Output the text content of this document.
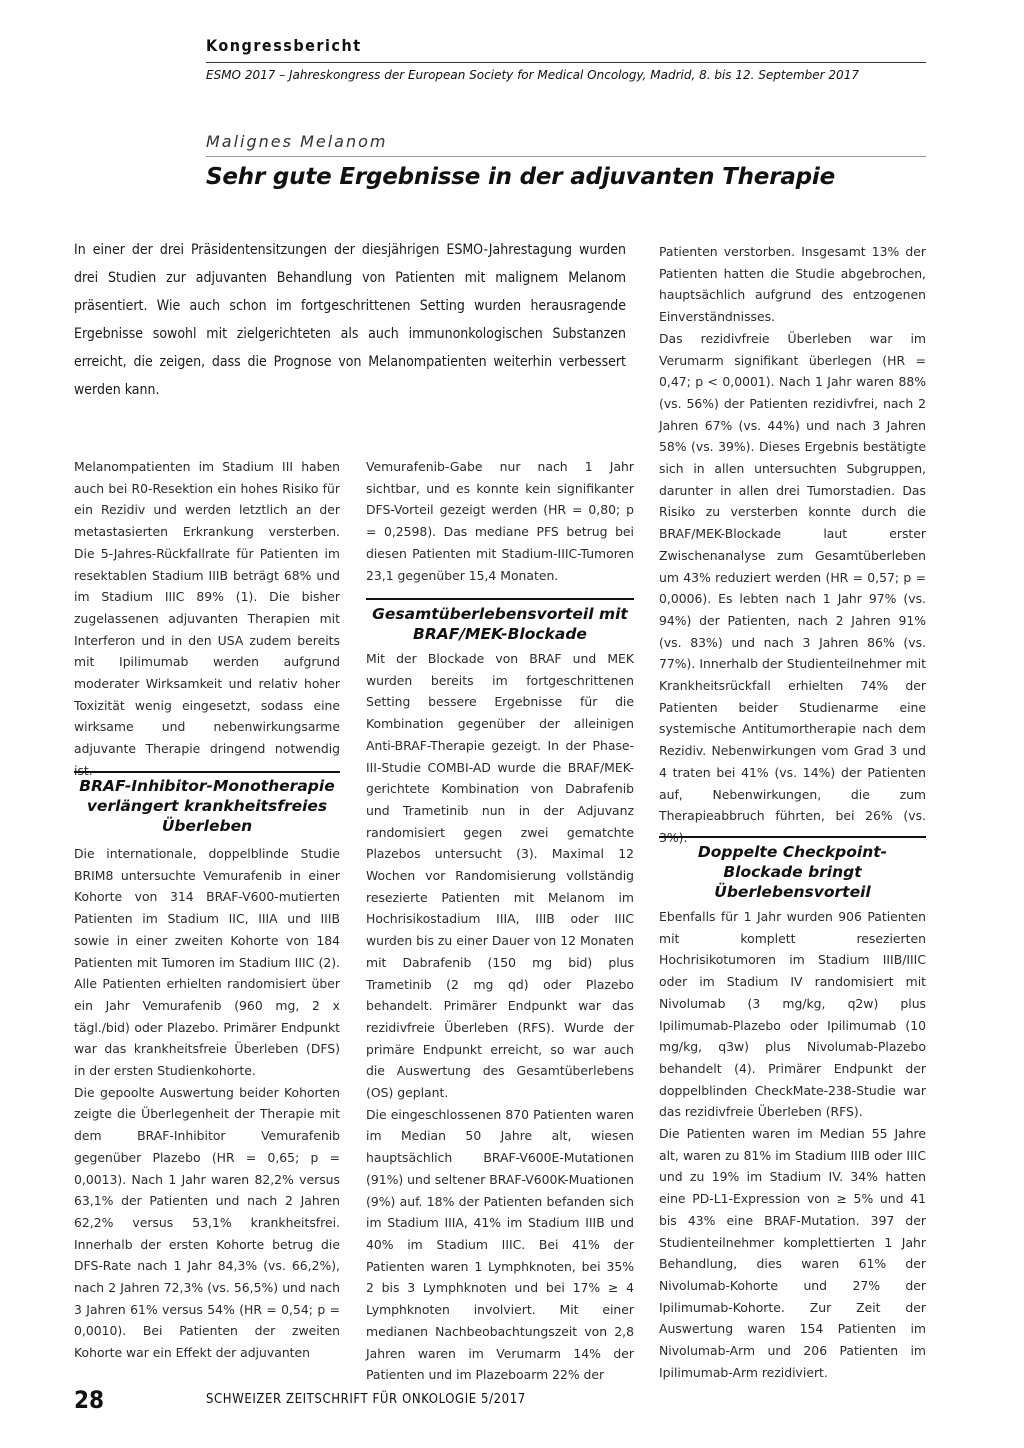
Kongressbericht
ESMO 2017 – Jahreskongress der European Society for Medical Oncology, Madrid, 8. bis 12. September 2017
Malignes Melanom
Sehr gute Ergebnisse in der adjuvanten Therapie
In einer der drei Präsidentensitzungen der diesjährigen ESMO-Jahrestagung wurden drei Studien zur adjuvanten Behandlung von Patienten mit malignem Melanom präsentiert. Wie auch schon im fortgeschrittenen Setting wurden herausragende Ergebnisse sowohl mit zielgerichteten als auch immunonkologischen Substanzen erreicht, die zeigen, dass die Prognose von Melanompatienten weiterhin verbessert werden kann.

Melanompatienten im Stadium III haben auch bei R0-Resektion ein hohes Risiko für ein Rezidiv und werden letztlich an der metastasierten Erkrankung versterben. Die 5-Jahres-Rückfallrate für Patienten im resektablen Stadium IIIB beträgt 68% und im Stadium IIIC 89% (1). Die bisher zugelassenen adjuvanten Therapien mit Interferon und in den USA zudem bereits mit Ipilimumab werden aufgrund moderater Wirksamkeit und relativ hoher Toxizität wenig eingesetzt, sodass eine wirksame und nebenwirkungsarme adjuvante Therapie dringend notwendig ist.

BRAF-Inhibitor-Monotherapie verlängert krankheitsfreies Überleben

Die internationale, doppelblinde Studie BRIM8 untersuchte Vemurafenib in einer Kohorte von 314 BRAF-V600-mutierten Patienten im Stadium IIC, IIIA und IIIB sowie in einer zweiten Kohorte von 184 Patienten mit Tumoren im Stadium IIIC (2). Alle Patienten erhielten randomisiert über ein Jahr Vemurafenib (960 mg, 2 x tägl./bid) oder Plazebo. Primärer Endpunkt war das krankheitsfreie Überleben (DFS) in der ersten Studienkohorte.

Die gepoolte Auswertung beider Kohorten zeigte die Überlegenheit der Therapie mit dem BRAF-Inhibitor Vemurafenib gegenüber Plazebo (HR = 0,65; p = 0,0013). Nach 1 Jahr waren 82,2% versus 63,1% der Patienten und nach 2 Jahren 62,2% versus 53,1% krankheitsfrei. Innerhalb der ersten Kohorte betrug die DFS-Rate nach 1 Jahr 84,3% (vs. 66,2%), nach 2 Jahren 72,3% (vs. 56,5%) und nach 3 Jahren 61% versus 54% (HR = 0,54; p = 0,0010). Bei Patienten der zweiten Kohorte war ein Effekt der adjuvanten

Vemurafenib-Gabe nur nach 1 Jahr sichtbar, und es konnte kein signifikanter DFS-Vorteil gezeigt werden (HR = 0,80; p = 0,2598). Das mediane PFS betrug bei diesen Patienten mit Stadium-IIIC-Tumoren 23,1 gegenüber 15,4 Monaten.

Gesamtüberlebensvorteil mit BRAF/MEK-Blockade

Mit der Blockade von BRAF und MEK wurden bereits im fortgeschrittenen Setting bessere Ergebnisse für die Kombination gegenüber der alleinigen Anti-BRAF-Therapie gezeigt. In der Phase-III-Studie COMBI-AD wurde die BRAF/MEK-gerichtete Kombination von Dabrafenib und Trametinib nun in der Adjuvanz randomisiert gegen zwei gematchte Plazebos untersucht (3). Maximal 12 Wochen vor Randomisierung vollständig resezierte Patienten mit Melanom im Hochrisikostadium IIIA, IIIB oder IIIC wurden bis zu einer Dauer von 12 Monaten mit Dabrafenib (150 mg bid) plus Trametinib (2 mg qd) oder Plazebo behandelt. Primärer Endpunkt war das rezidivfreie Überleben (RFS). Wurde der primäre Endpunkt erreicht, so war auch die Auswertung des Gesamtüberlebens (OS) geplant.

Die eingeschlossenen 870 Patienten waren im Median 50 Jahre alt, wiesen hauptsächlich BRAF-V600E-Mutationen (91%) und seltener BRAF-V600K-Muationen (9%) auf. 18% der Patienten befanden sich im Stadium IIIA, 41% im Stadium IIIB und 40% im Stadium IIIC. Bei 41% der Patienten waren 1 Lymphknoten, bei 35% 2 bis 3 Lymphknoten und bei 17% ≥ 4 Lymphknoten involviert. Mit einer medianen Nachbeobachtungszeit von 2,8 Jahren waren im Verumarm 14% der Patienten und im Plazeboarm 22% der

Patienten verstorben. Insgesamt 13% der Patienten hatten die Studie abgebrochen, hauptsächlich aufgrund des entzogenen Einverständnisses.

Das rezidivfreie Überleben war im Verumarm signifikant überlegen (HR = 0,47; p < 0,0001). Nach 1 Jahr waren 88% (vs. 56%) der Patienten rezidivfrei, nach 2 Jahren 67% (vs. 44%) und nach 3 Jahren 58% (vs. 39%). Dieses Ergebnis bestätigte sich in allen untersuchten Subgruppen, darunter in allen drei Tumorstadien. Das Risiko zu versterben konnte durch die BRAF/MEK-Blockade laut erster Zwischenanalyse zum Gesamtüberleben um 43% reduziert werden (HR = 0,57; p = 0,0006). Es lebten nach 1 Jahr 97% (vs. 94%) der Patienten, nach 2 Jahren 91% (vs. 83%) und nach 3 Jahren 86% (vs. 77%). Innerhalb der Studienteilnehmer mit Krankheitsrückfall erhielten 74% der Patienten beider Studienarme eine systemische Antitumortherapie nach dem Rezidiv. Nebenwirkungen vom Grad 3 und 4 traten bei 41% (vs. 14%) der Patienten auf, Nebenwirkungen, die zum Therapieabbruch führten, bei 26% (vs. 3%).

Doppelte Checkpoint-Blockade bringt Überlebensvorteil

Ebenfalls für 1 Jahr wurden 906 Patienten mit komplett resezierten Hochrisikotumoren im Stadium IIIB/IIIC oder im Stadium IV randomisiert mit Nivolumab (3 mg/kg, q2w) plus Ipilimumab-Plazebo oder Ipilimumab (10 mg/kg, q3w) plus Nivolumab-Plazebo behandelt (4). Primärer Endpunkt der doppelblinden CheckMate-238-Studie war das rezidivfreie Überleben (RFS).

Die Patienten waren im Median 55 Jahre alt, waren zu 81% im Stadium IIIB oder IIIC und zu 19% im Stadium IV. 34% hatten eine PD-L1-Expression von ≥ 5% und 41 bis 43% eine BRAF-Mutation. 397 der Studienteilnehmer komplettierten 1 Jahr Behandlung, dies waren 61% der Nivolumab-Kohorte und 27% der Ipilimumab-Kohorte. Zur Zeit der Auswertung waren 154 Patienten im Nivolumab-Arm und 206 Patienten im Ipilimumab-Arm rezidiviert.

28	SCHWEIZER ZEITSCHRIFT FÜR ONKOLOGIE 5/2017
